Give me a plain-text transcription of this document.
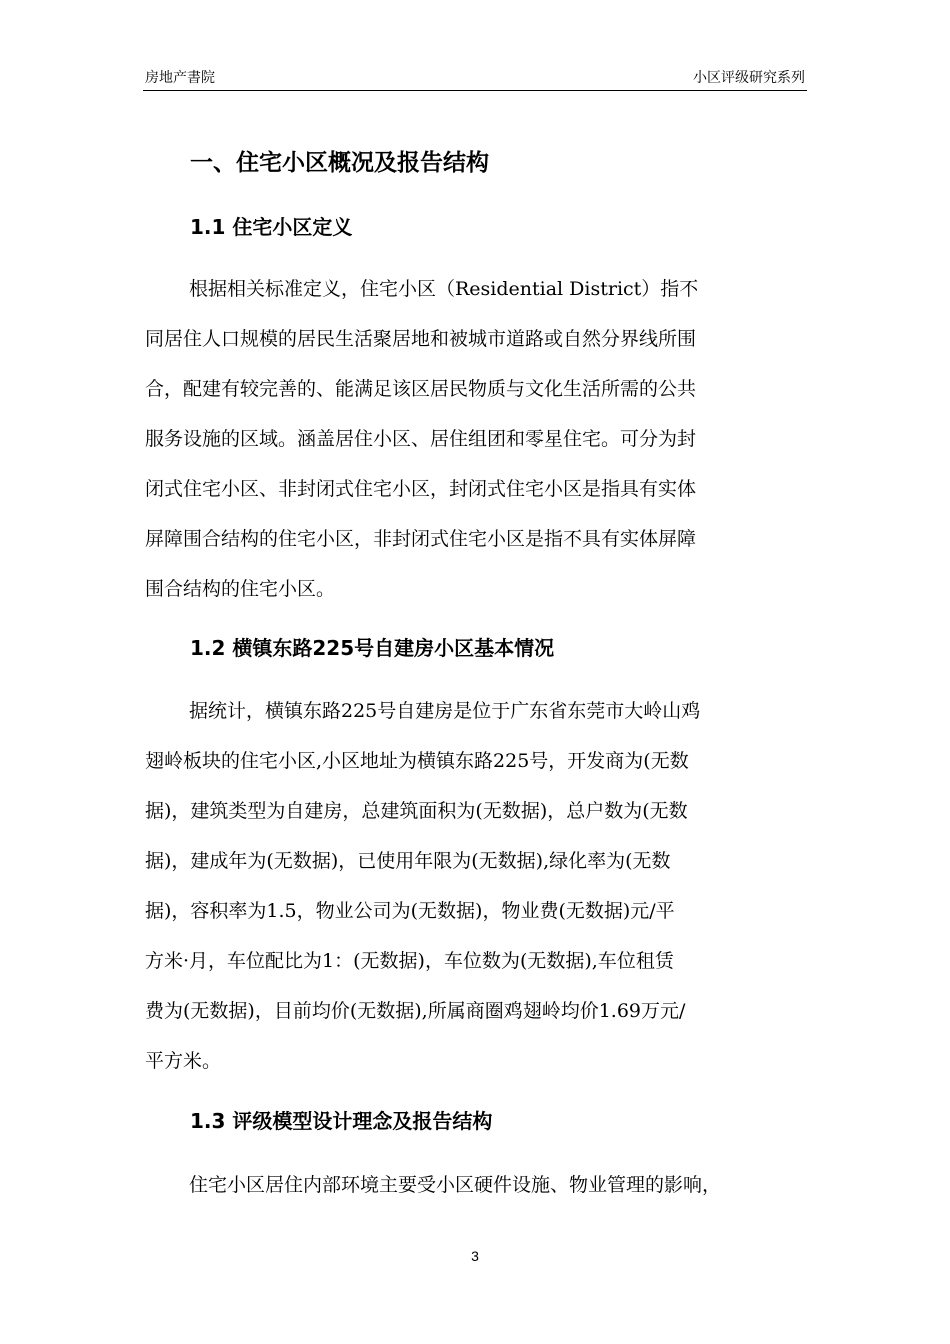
房地产書院	小区评级研究系列
一、住宅小区概况及报告结构
1.1 住宅小区定义
根据相关标准定义，住宅小区（Residential District）指不
同居住人口规模的居民生活聚居地和被城市道路或自然分界线所围
合，配建有较完善的、能满足该区居民物质与文化生活所需的公共
服务设施的区域。涵盖居住小区、居住组团和零星住宅。可分为封
闭式住宅小区、非封闭式住宅小区，封闭式住宅小区是指具有实体
屏障围合结构的住宅小区，非封闭式住宅小区是指不具有实体屏障
围合结构的住宅小区。
1.2 横镇东路225号自建房小区基本情况
据统计，横镇东路225号自建房是位于广东省东莞市大岭山鸡
翅岭板块的住宅小区,小区地址为横镇东路225号，开发商为(无数
据)，建筑类型为自建房，总建筑面积为(无数据)，总户数为(无数
据)，建成年为(无数据)，已使用年限为(无数据),绿化率为(无数
据)，容积率为1.5，物业公司为(无数据)，物业费(无数据)元/平
方米·月，车位配比为1：(无数据)，车位数为(无数据),车位租赁
费为(无数据)，目前均价(无数据),所属商圈鸡翅岭均价1.69万元/
平方米。
1.3 评级模型设计理念及报告结构
住宅小区居住内部环境主要受小区硬件设施、物业管理的影响，
3
